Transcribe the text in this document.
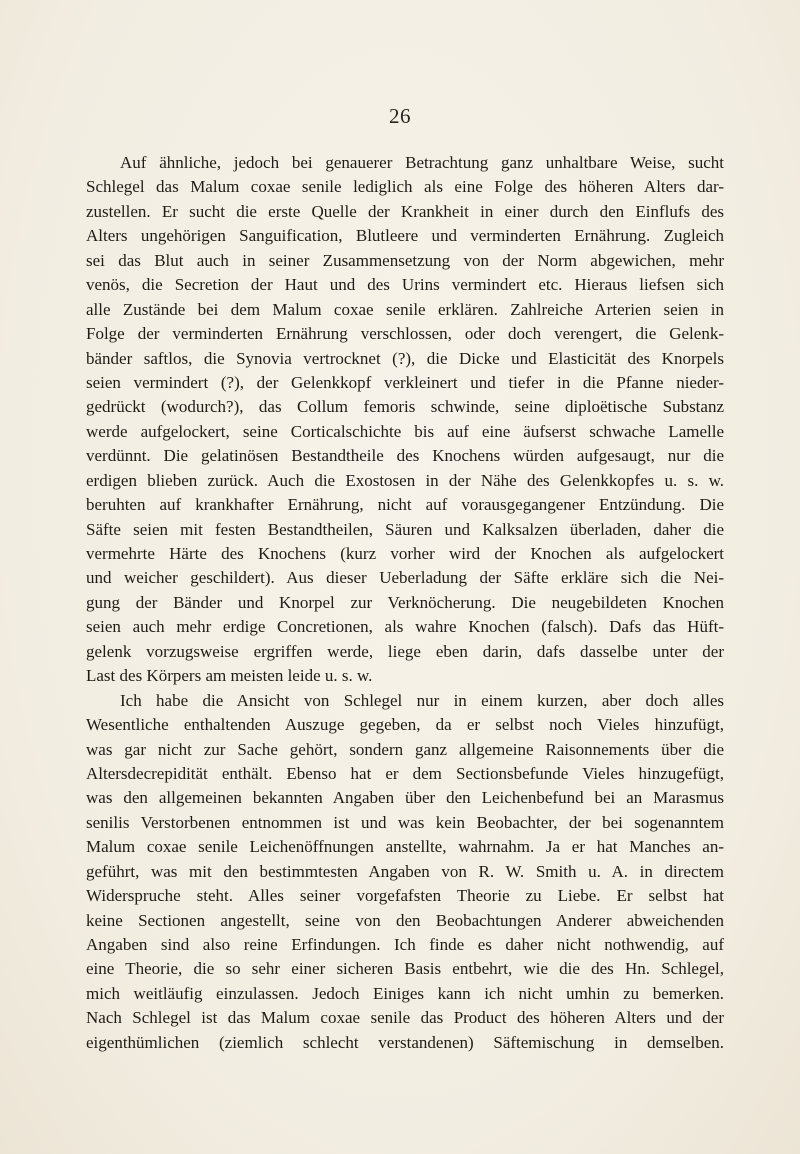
26
Auf ähnliche, jedoch bei genauerer Betrachtung ganz unhaltbare Weise, sucht
Schlegel das Malum coxae senile lediglich als eine Folge des höheren Alters dar-
zustellen. Er sucht die erste Quelle der Krankheit in einer durch den Einflufs des
Alters ungehörigen Sanguification, Blutleere und verminderten Ernährung. Zugleich
sei das Blut auch in seiner Zusammensetzung von der Norm abgewichen, mehr
venös, die Secretion der Haut und des Urins vermindert etc. Hieraus liefsen sich
alle Zustände bei dem Malum coxae senile erklären. Zahlreiche Arterien seien in
Folge der verminderten Ernährung verschlossen, oder doch verengert, die Gelenk-
bänder saftlos, die Synovia vertrocknet (?), die Dicke und Elasticität des Knorpels
seien vermindert (?), der Gelenkkopf verkleinert und tiefer in die Pfanne nieder-
gedrückt (wodurch?), das Collum femoris schwinde, seine diploëtische Substanz
werde aufgelockert, seine Corticalschichte bis auf eine äufserst schwache Lamelle
verdünnt. Die gelatinösen Bestandtheile des Knochens würden aufgesaugt, nur die
erdigen blieben zurück. Auch die Exostosen in der Nähe des Gelenkkopfes u. s. w.
beruhten auf krankhafter Ernährung, nicht auf vorausgegangener Entzündung. Die
Säfte seien mit festen Bestandtheilen, Säuren und Kalksalzen überladen, daher die
vermehrte Härte des Knochens (kurz vorher wird der Knochen als aufgelockert
und weicher geschildert). Aus dieser Ueberladung der Säfte erkläre sich die Nei-
gung der Bänder und Knorpel zur Verknöcherung. Die neugebildeten Knochen
seien auch mehr erdige Concretionen, als wahre Knochen (falsch). Dafs das Hüft-
gelenk vorzugsweise ergriffen werde, liege eben darin, dafs dasselbe unter der
Last des Körpers am meisten leide u. s. w.
Ich habe die Ansicht von Schlegel nur in einem kurzen, aber doch alles
Wesentliche enthaltenden Auszuge gegeben, da er selbst noch Vieles hinzufügt,
was gar nicht zur Sache gehört, sondern ganz allgemeine Raisonnements über die
Altersdecrepidität enthält. Ebenso hat er dem Sectionsbefunde Vieles hinzugefügt,
was den allgemeinen bekannten Angaben über den Leichenbefund bei an Marasmus
senilis Verstorbenen entnommen ist und was kein Beobachter, der bei sogenanntem
Malum coxae senile Leichenöffnungen anstellte, wahrnahm. Ja er hat Manches an-
geführt, was mit den bestimmtesten Angaben von R. W. Smith u. A. in directem
Widerspruche steht. Alles seiner vorgefafsten Theorie zu Liebe. Er selbst hat
keine Sectionen angestellt, seine von den Beobachtungen Anderer abweichenden
Angaben sind also reine Erfindungen. Ich finde es daher nicht nothwendig, auf
eine Theorie, die so sehr einer sicheren Basis entbehrt, wie die des Hn. Schlegel,
mich weitläufig einzulassen. Jedoch Einiges kann ich nicht umhin zu bemerken.
Nach Schlegel ist das Malum coxae senile das Product des höheren Alters und der
eigenthümlichen (ziemlich schlecht verstandenen) Säftemischung in demselben.
